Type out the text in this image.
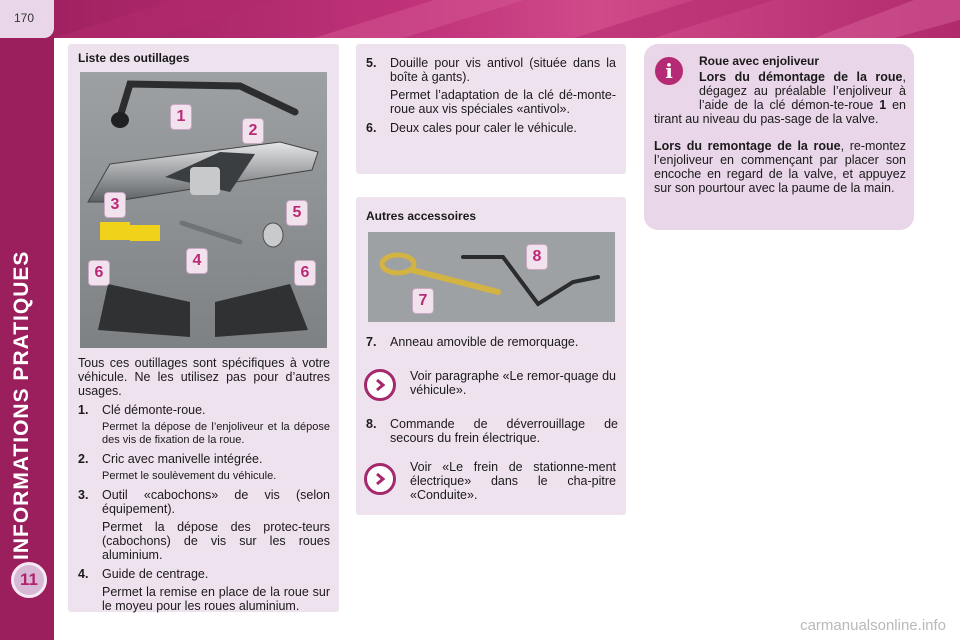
170
INFORMATIONS PRATIQUES
11
Liste des outillages
1
2
3	5
6
4
6
Tous ces outillages sont spécifiques à votre véhicule. Ne les utilisez pas pour d’autres usages.
1.	Clé démonte-roue.
Permet la dépose de l’enjoliveur et la dépose des vis de fixation de la roue.
2.	Cric avec manivelle intégrée.
Permet le soulèvement du véhicule.
3.	Outil «cabochons» de vis (selon équipement).
Permet la dépose des protec-teurs (cabochons) de vis sur les roues aluminium.
4.	Guide de centrage.
Permet la remise en place de la roue sur le moyeu pour les roues aluminium.
5.	Douille pour vis antivol (située dans la boîte à gants).
Permet l’adaptation de la clé dé-monte-roue aux vis spéciales «antivol».
6.	Deux cales pour caler le véhicule.
Autres accessoires
8
7
7.	Anneau amovible de remorquage.
Voir paragraphe «Le remor-quage du véhicule».
8.	Commande de déverrouillage de secours du frein électrique.
Voir «Le frein de stationne-ment électrique» dans le cha-pitre «Conduite».
i	Roue avec enjoliveur
Lors du démontage de la roue, dégagez au préalable l’enjoliveur à l’aide de la clé démon-te-roue 1 en tirant au niveau du pas-sage de la valve.
Lors du remontage de la roue, re-montez l’enjoliveur en commençant par placer son encoche en regard de la valve, et appuyez sur son pourtour avec la paume de la main.
carmanualsonline.info
